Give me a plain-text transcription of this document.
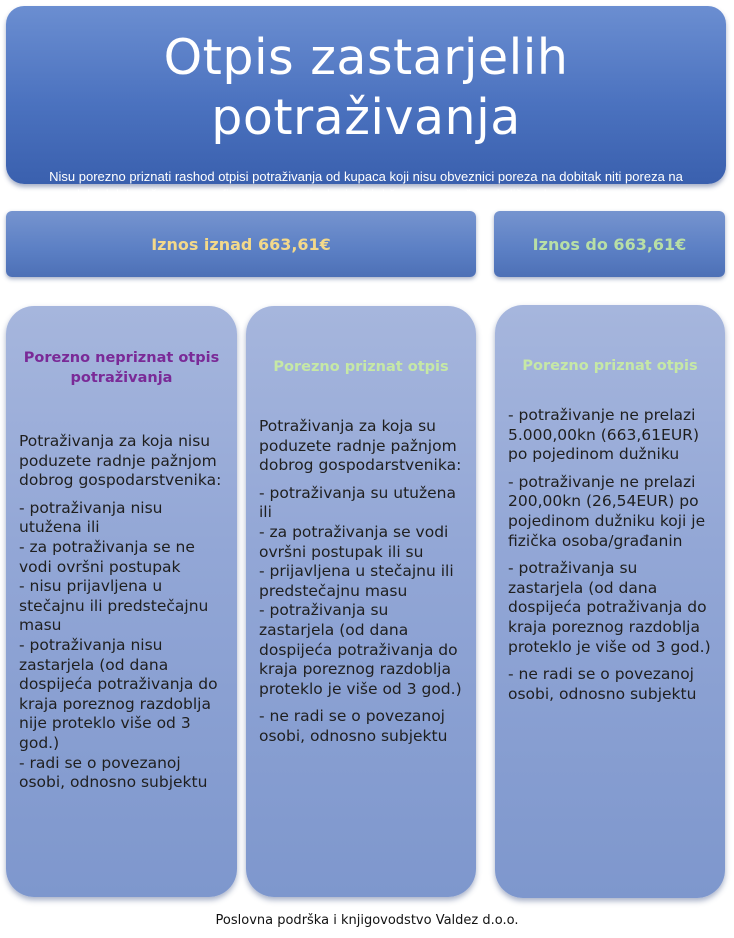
Otpis zastarjelih potraživanja
Nisu porezno priznati rashod otpisi potraživanja od kupaca koji nisu obveznici poreza na dobitak niti poreza na dohodak kao što su neprofitne organizacije, korisnici državnog proračuna i slično, bez obzira na iznos.
Iznos iznad 663,61€	Iznos do 663,61€
Porezno nepriznat otpis potraživanja

Potraživanja za koja nisu poduzete radnje pažnjom dobrog gospodarstvenika:

- potraživanja nisu utužena ili

- za potraživanja se ne vodi ovršni postupak

- nisu prijavljena u stečajnu ili predstečajnu masu

- potraživanja nisu zastarjela (od dana dospijeća potraživanja do kraja poreznog razdoblja nije proteklo više od 3 god.)

- radi se o povezanoj osobi, odnosno subjektu

Porezno priznat otpis

Potraživanja za koja su poduzete radnje pažnjom dobrog gospodarstvenika:

- potraživanja su utužena ili

- za potraživanja se vodi ovršni postupak ili su

- prijavljena u stečajnu ili predstečajnu masu

- potraživanja su zastarjela (od dana dospijeća potraživanja do kraja poreznog razdoblja proteklo je više od 3 god.)

- ne radi se o povezanoj osobi, odnosno subjektu

Porezno priznat otpis

- potraživanje ne prelazi 5.000,00kn (663,61EUR) po pojedinom dužniku

- potraživanje ne prelazi 200,00kn (26,54EUR) po pojedinom dužniku koji je fizička osoba/građanin

- potraživanja su zastarjela (od dana dospijeća potraživanja do kraja poreznog razdoblja proteklo je više od 3 god.)

- ne radi se o povezanoj osobi, odnosno subjektu

Poslovna podrška i knjigovodstvo Valdez d.o.o.
